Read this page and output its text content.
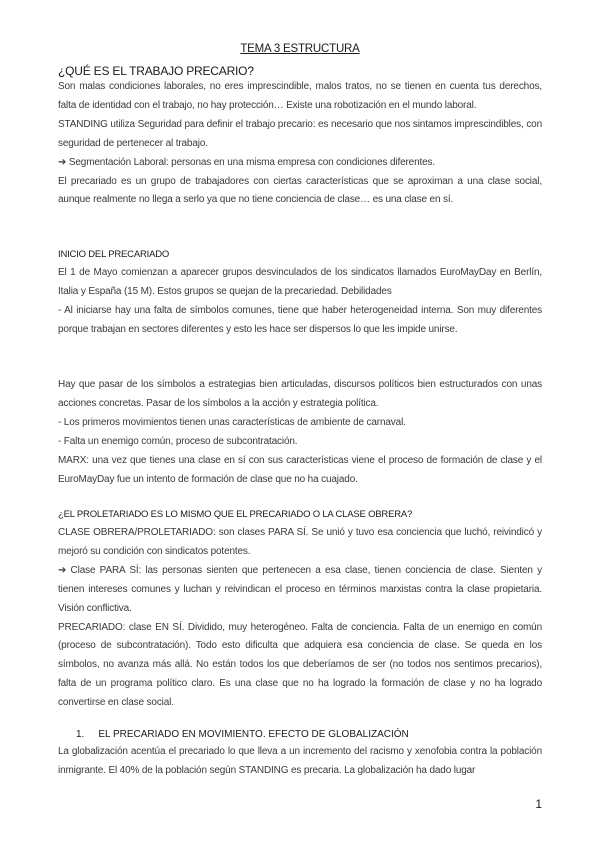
TEMA 3 ESTRUCTURA
¿QUÉ ES EL TRABAJO PRECARIO?

Son malas condiciones laborales, no eres imprescindible, malos tratos, no se tienen en cuenta tus derechos, falta de identidad con el trabajo, no hay protección… Existe una robotización en el mundo laboral.

STANDING utiliza Seguridad para definir el trabajo precario: es necesario que nos sintamos imprescindibles, con seguridad de pertenecer al trabajo.

➔ Segmentación Laboral: personas en una misma empresa con condiciones diferentes.

El precariado es un grupo de trabajadores con ciertas características que se aproximan a una clase social, aunque realmente no llega a serlo ya que no tiene conciencia de clase… es una clase en sí.

INICIO DEL PRECARIADO

El 1 de Mayo comienzan a aparecer grupos desvinculados de los sindicatos llamados EuroMayDay en Berlín, Italia y España (15 M). Estos grupos se quejan de la precariedad. Debilidades

- Al iniciarse hay una falta de símbolos comunes, tiene que haber heterogeneidad interna. Son muy diferentes porque trabajan en sectores diferentes y esto les hace ser dispersos lo que les impide unirse.

Hay que pasar de los símbolos a estrategias bien articuladas, discursos políticos bien estructurados con unas acciones concretas. Pasar de los símbolos a la acción y estrategia política.

- Los primeros movimientos tienen unas características de ambiente de carnaval.

- Falta un enemigo común, proceso de subcontratación.

MARX: una vez que tienes una clase en sí con sus características viene el proceso de formación de clase y el EuroMayDay fue un intento de formación de clase que no ha cuajado.

¿EL PROLETARIADO ES LO MISMO QUE EL PRECARIADO O LA CLASE OBRERA?

CLASE OBRERA/PROLETARIADO: son clases PARA SÍ. Se unió y tuvo esa conciencia que luchó, reivindicó y mejoró su condición con sindicatos potentes.

➔ Clase PARA SÍ: las personas sienten que pertenecen a esa clase, tienen conciencia de clase. Sienten y tienen intereses comunes y luchan y reivindican el proceso en términos marxistas contra la clase propietaria. Visión conflictiva.

PRECARIADO: clase EN SÍ. Dividido, muy heterogéneo. Falta de conciencia. Falta de un enemigo en común (proceso de subcontratación). Todo esto dificulta que adquiera esa conciencia de clase. Se queda en los símbolos, no avanza más allá. No están todos los que deberíamos de ser (no todos nos sentimos precarios), falta de un programa político claro. Es una clase que no ha logrado la formación de clase y no ha logrado convertirse en clase social.

1. EL PRECARIADO EN MOVIMIENTO. EFECTO DE GLOBALIZACIÓN

La globalización acentúa el precariado lo que lleva a un incremento del racismo y xenofobia contra la población inmigrante. El 40% de la población según STANDING es precaria. La globalización ha dado lugar

1
